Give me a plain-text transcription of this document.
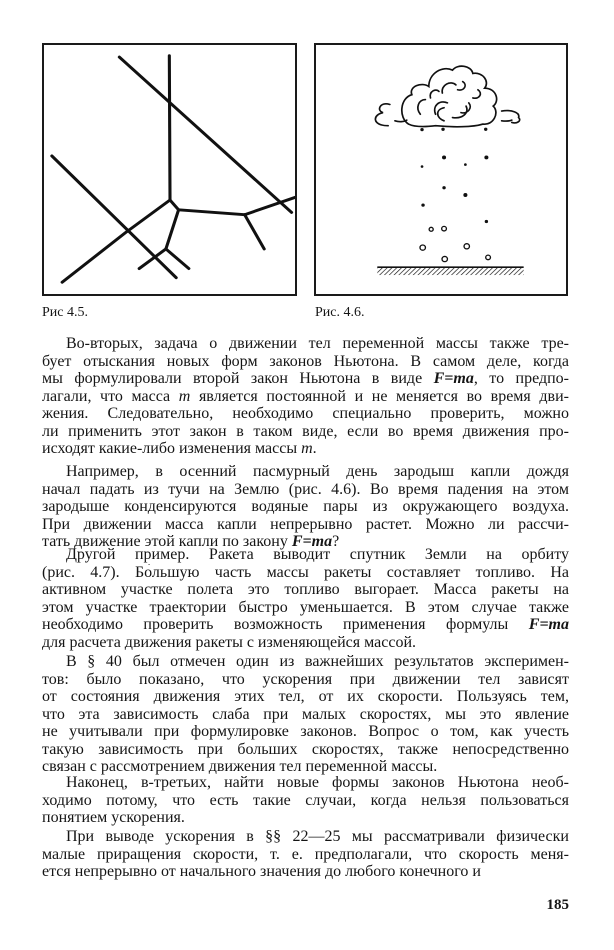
Рис 4.5.	Рис. 4.6.
Во-вторых, задача о движении тел переменной массы также тре-
бует отыскания новых форм законов Ньютона. В самом деле, когда
мы формулировали второй закон Ньютона в виде F=ma, то предпо-
лагали, что масса m является постоянной и не меняется во время дви-
жения. Следовательно, необходимо специально проверить, можно
ли применить этот закон в таком виде, если во время движения про-
исходят какие-либо изменения массы m.
Например, в осенний пасмурный день зародыш капли дождя
начал падать из тучи на Землю (рис. 4.6). Во время падения на этом
зародыше конденсируются водяные пары из окружающего воздуха.
При движении масса капли непрерывно растет. Можно ли рассчи-
тать движение этой капли по закону F=ma?
Другой пример. Ракета выводит спутник Земли на орбиту
(рис. 4.7). Бо́льшую часть массы ракеты составляет топливо. На
активном участке полета это топливо выгорает. Масса ракеты на
этом участке траектории быстро уменьшается. В этом случае также
необходимо проверить возможность применения формулы F=ma
для расчета движения ракеты с изменяющейся массой.
В § 40 был отмечен один из важнейших результатов эксперимен-
тов: было показано, что ускорения при движении тел зависят
от состояния движения этих тел, от их скорости. Пользуясь тем,
что эта зависимость слаба при малых скоростях, мы это явление
не учитывали при формулировке законов. Вопрос о том, как учесть
такую зависимость при больших скоростях, также непосредственно
связан с рассмотрением движения тел переменной массы.
Наконец, в-третьих, найти новые формы законов Ньютона необ-
ходимо потому, что есть такие случаи, когда нельзя пользоваться
понятием ускорения.
При выводе ускорения в §§ 22—25 мы рассматривали физически
малые приращения скорости, т. е. предполагали, что скорость меня-
ется непрерывно от начального значения до любого конечного и
185
